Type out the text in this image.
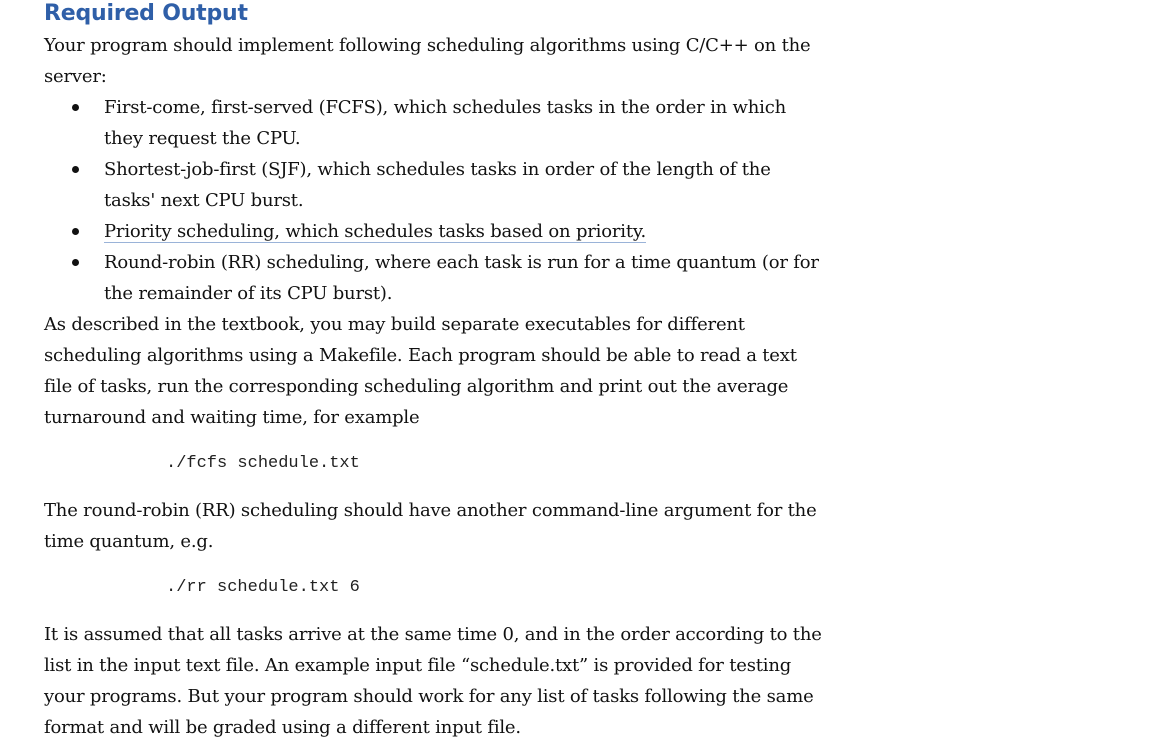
Required Output

Your program should implement following scheduling algorithms using C/C++ on the server:

First-come, first-served (FCFS), which schedules tasks in the order in which they request the CPU.
Shortest-job-first (SJF), which schedules tasks in order of the length of the tasks' next CPU burst.
Priority scheduling, which schedules tasks based on priority.
Round-robin (RR) scheduling, where each task is run for a time quantum (or for the remainder of its CPU burst).

As described in the textbook, you may build separate executables for different scheduling algorithms using a Makefile. Each program should be able to read a text file of tasks, run the corresponding scheduling algorithm and print out the average turnaround and waiting time, for example

./fcfs schedule.txt

The round-robin (RR) scheduling should have another command-line argument for the time quantum, e.g.

./rr schedule.txt 6

It is assumed that all tasks arrive at the same time 0, and in the order according to the list in the input text file. An example input file “schedule.txt” is provided for testing your programs. But your program should work for any list of tasks following the same format and will be graded using a different input file.
